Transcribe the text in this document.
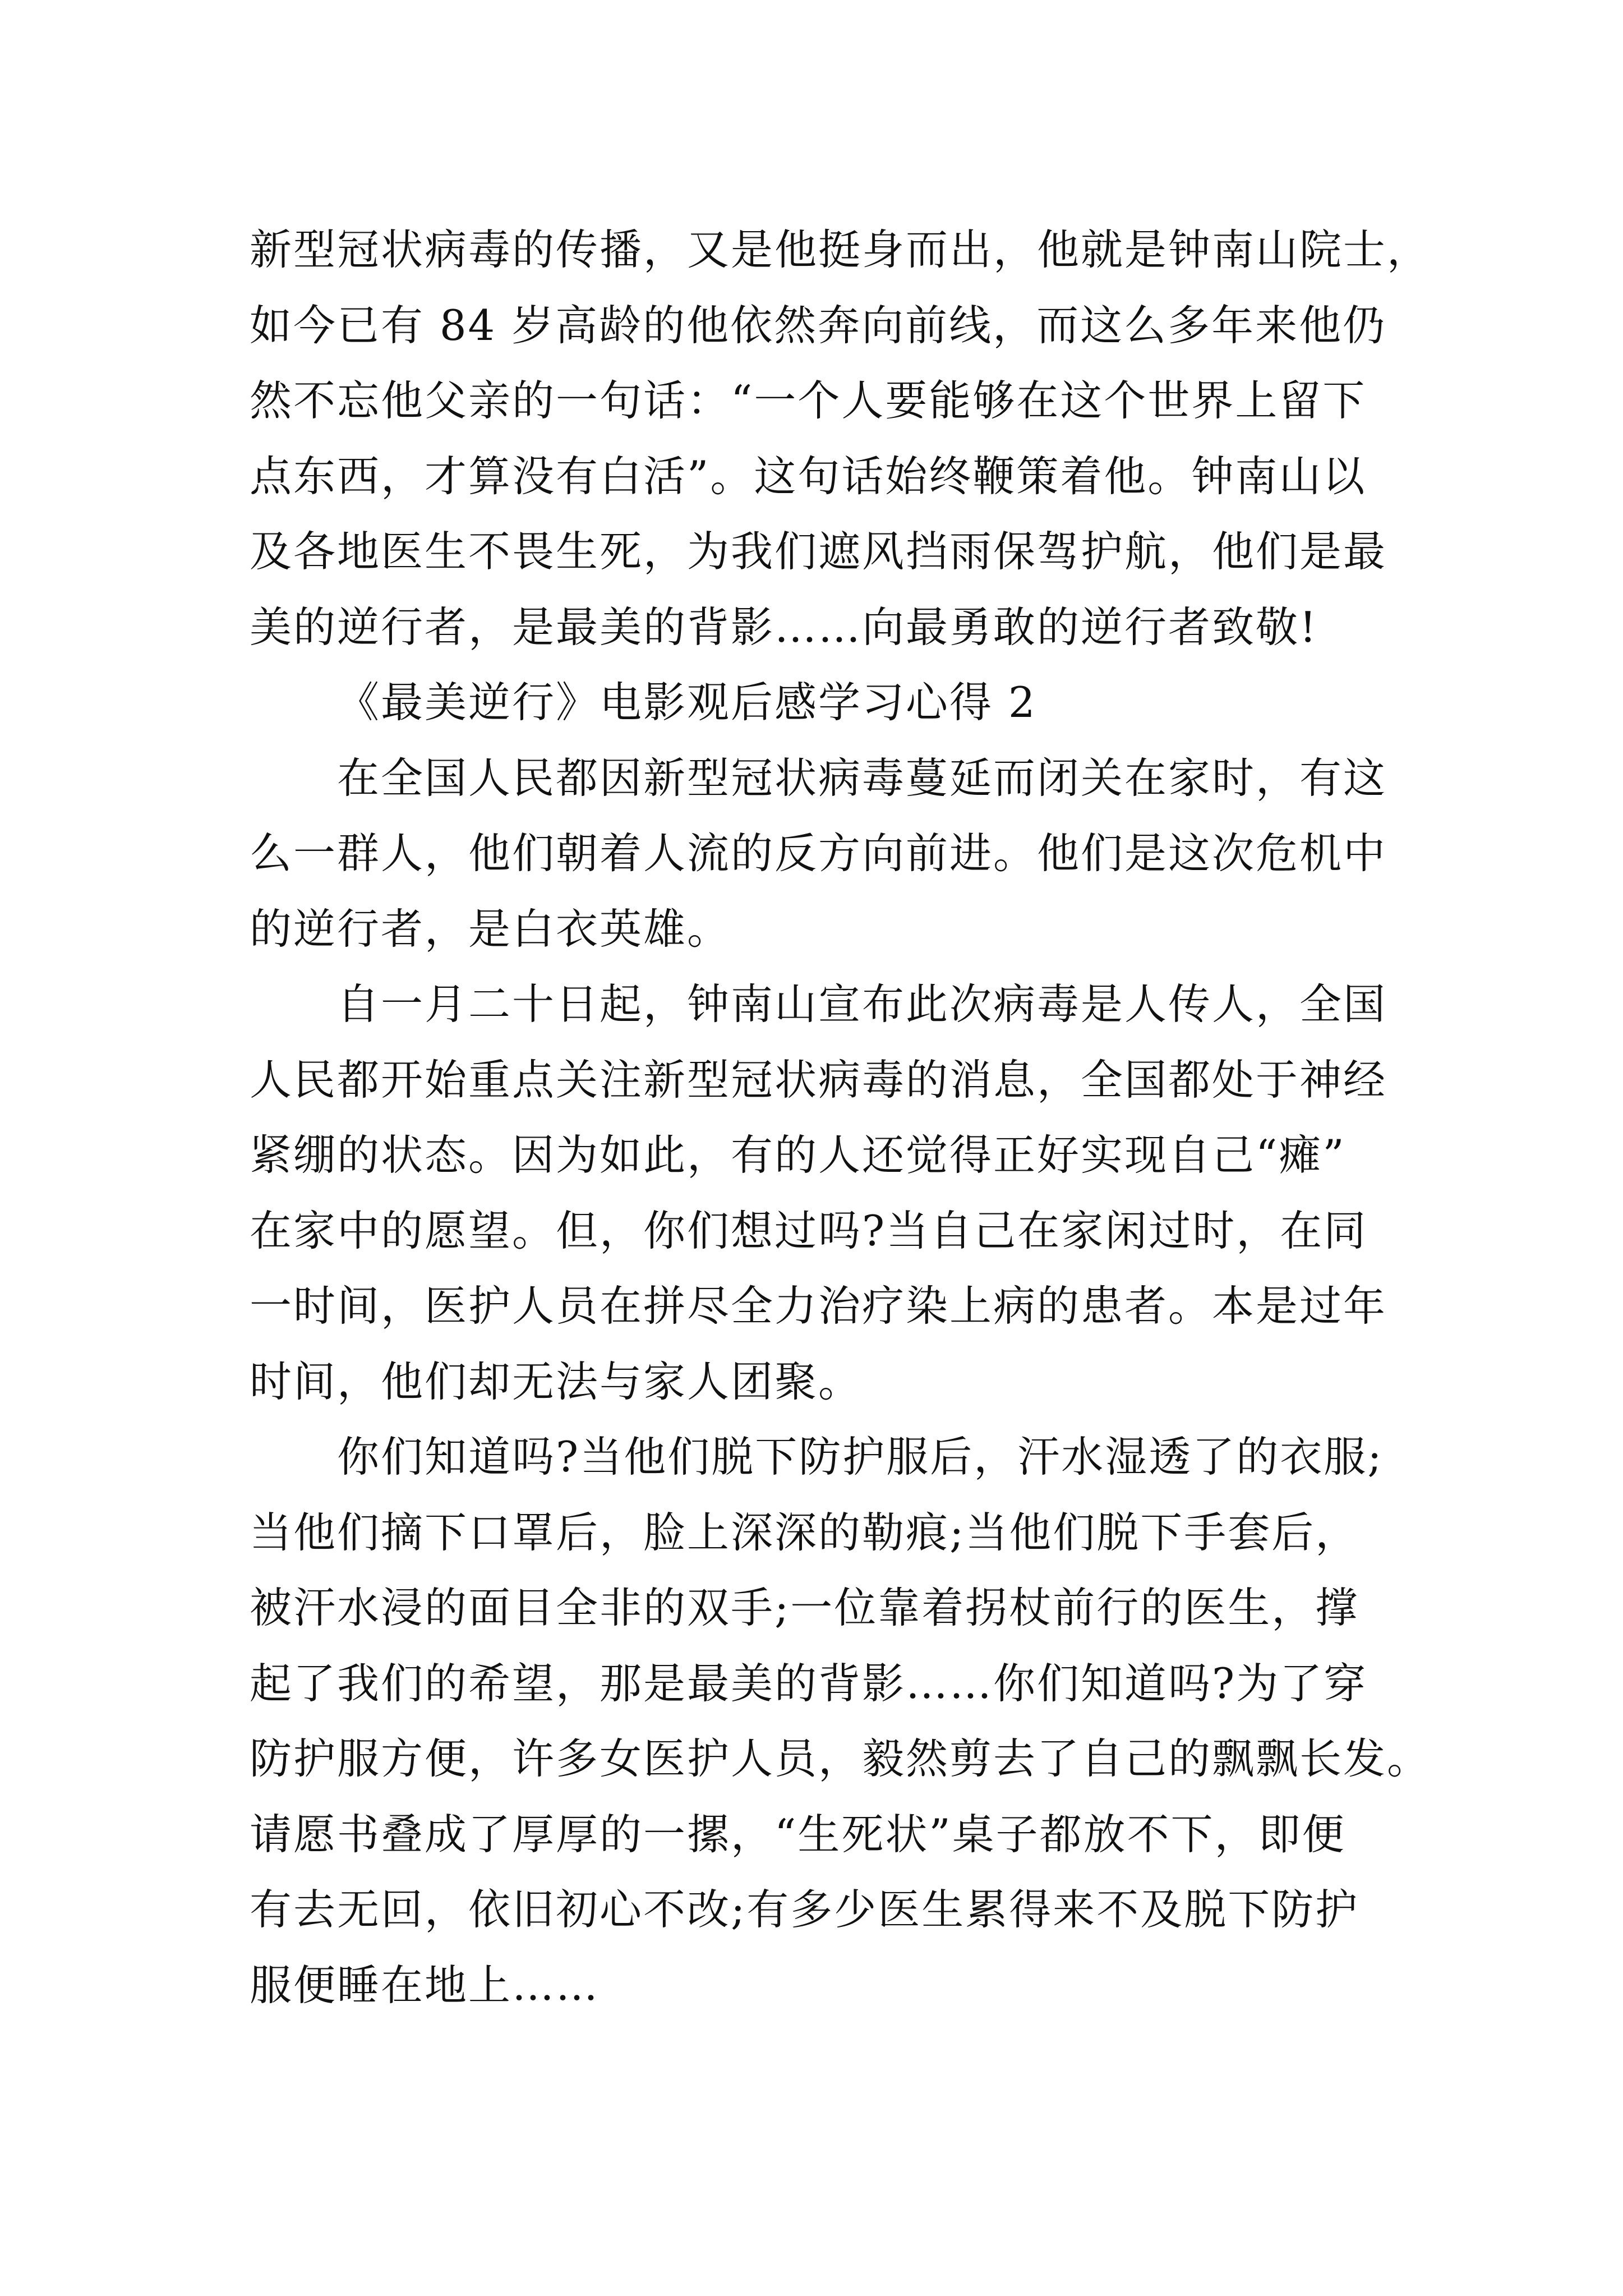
新型冠状病毒的传播，又是他挺身而出，他就是钟南山院士，
如今已有 84 岁高龄的他依然奔向前线，而这么多年来他仍
然不忘他父亲的一句话：“一个人要能够在这个世界上留下
点东西，才算没有白活”。这句话始终鞭策着他。钟南山以
及各地医生不畏生死，为我们遮风挡雨保驾护航，他们是最
美的逆行者，是最美的背影……向最勇敢的逆行者致敬!
《最美逆行》电影观后感学习心得 2
在全国人民都因新型冠状病毒蔓延而闭关在家时，有这
么一群人，他们朝着人流的反方向前进。他们是这次危机中
的逆行者，是白衣英雄。
自一月二十日起，钟南山宣布此次病毒是人传人，全国
人民都开始重点关注新型冠状病毒的消息，全国都处于神经
紧绷的状态。因为如此，有的人还觉得正好实现自己“瘫”
在家中的愿望。但，你们想过吗?当自己在家闲过时，在同
一时间，医护人员在拼尽全力治疗染上病的患者。本是过年
时间，他们却无法与家人团聚。
你们知道吗?当他们脱下防护服后，汗水湿透了的衣服;
当他们摘下口罩后，脸上深深的勒痕;当他们脱下手套后，
被汗水浸的面目全非的双手;一位靠着拐杖前行的医生，撑
起了我们的希望，那是最美的背影……你们知道吗?为了穿
防护服方便，许多女医护人员，毅然剪去了自己的飘飘长发。
请愿书叠成了厚厚的一摞，“生死状”桌子都放不下，即便
有去无回，依旧初心不改;有多少医生累得来不及脱下防护
服便睡在地上……
